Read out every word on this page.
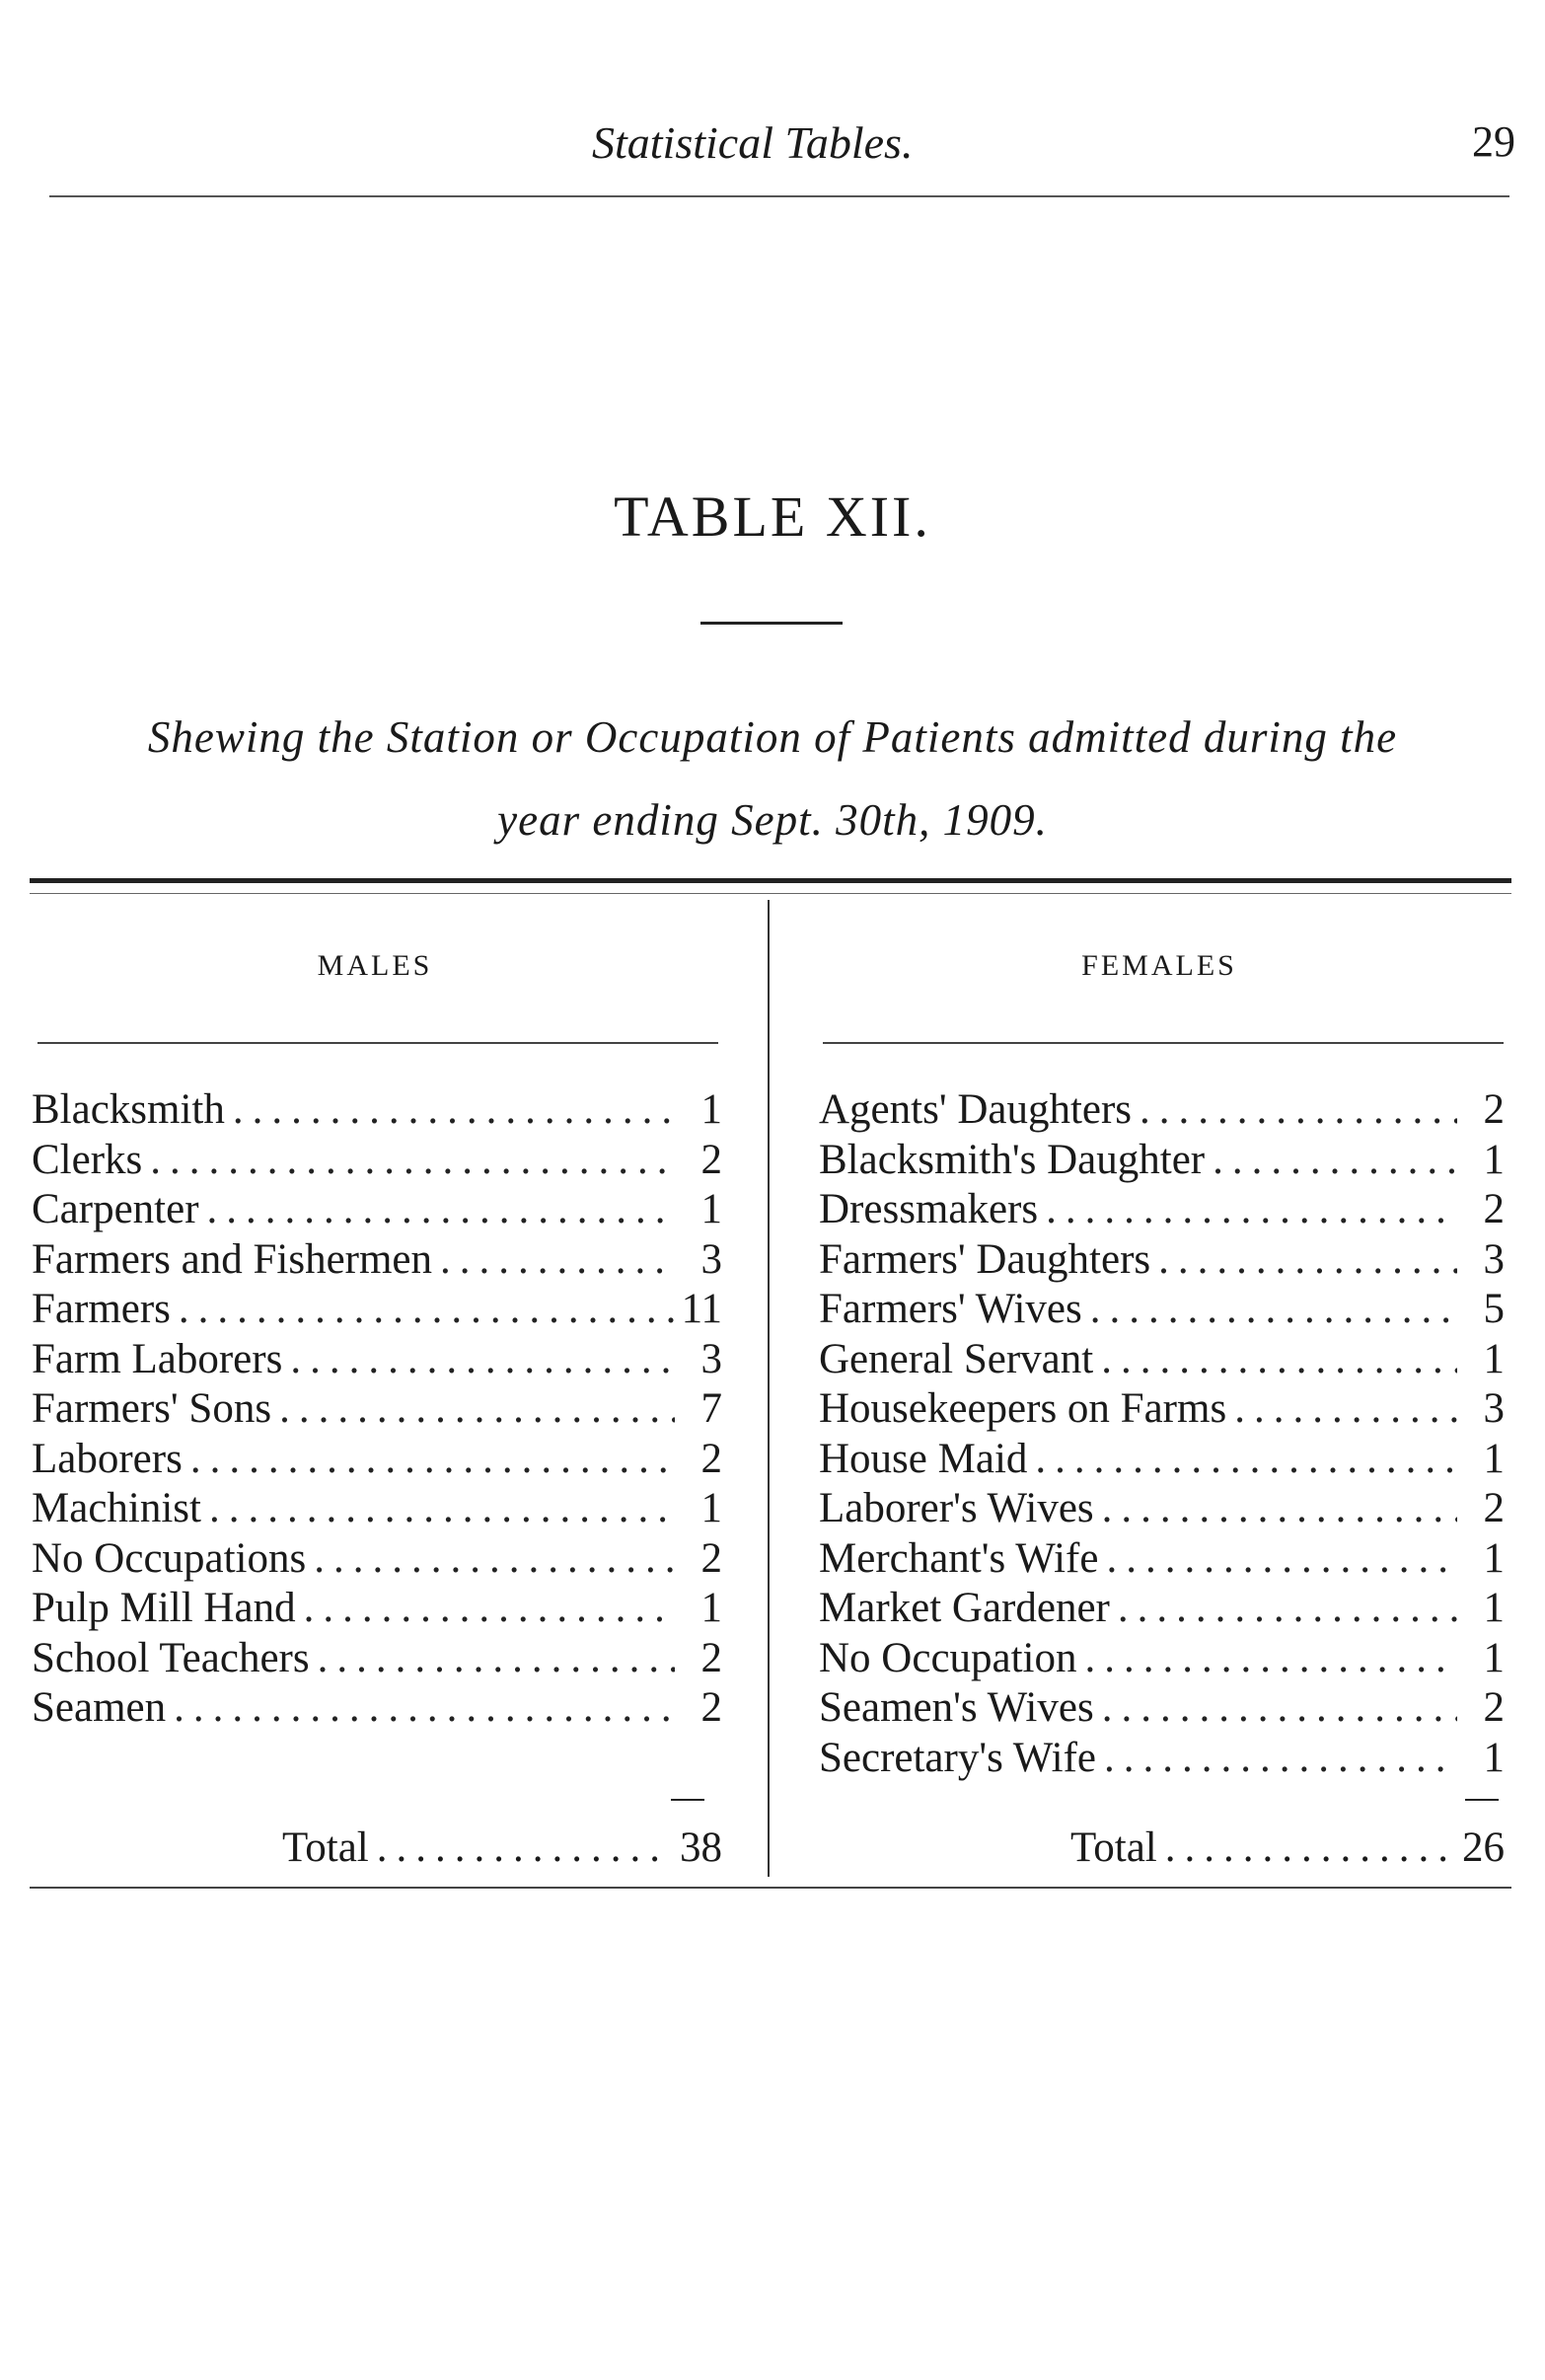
Statistical Tables.	29
TABLE XII.
Shewing the Station or Occupation of Patients admitted during the
year ending Sept. 30th, 1909.
MALES	FEMALES
Blacksmith .....	1
Clerks .....	2
Carpenter .....	1
Farmers and Fishermen .....	3
Farmers .....	11
Farm Laborers .....	3
Farmers' Sons .....	7
Laborers .....	2
Machinist .....	1
No Occupations .....	2
Pulp Mill Hand .....	1
School Teachers .....	2
Seamen .....	2
Agents' Daughters .....	2
Blacksmith's Daughter .....	1
Dressmakers .....	2
Farmers' Daughters .....	3
Farmers' Wives .....	5
General Servant .....	1
Housekeepers on Farms .....	3
House Maid .....	1
Laborer's Wives .....	2
Merchant's Wife .....	1
Market Gardener .....	1
No Occupation .....	1
Seamen's Wives .....	2
Secretary's Wife .....	1
Total .....	38	Total .....	26
